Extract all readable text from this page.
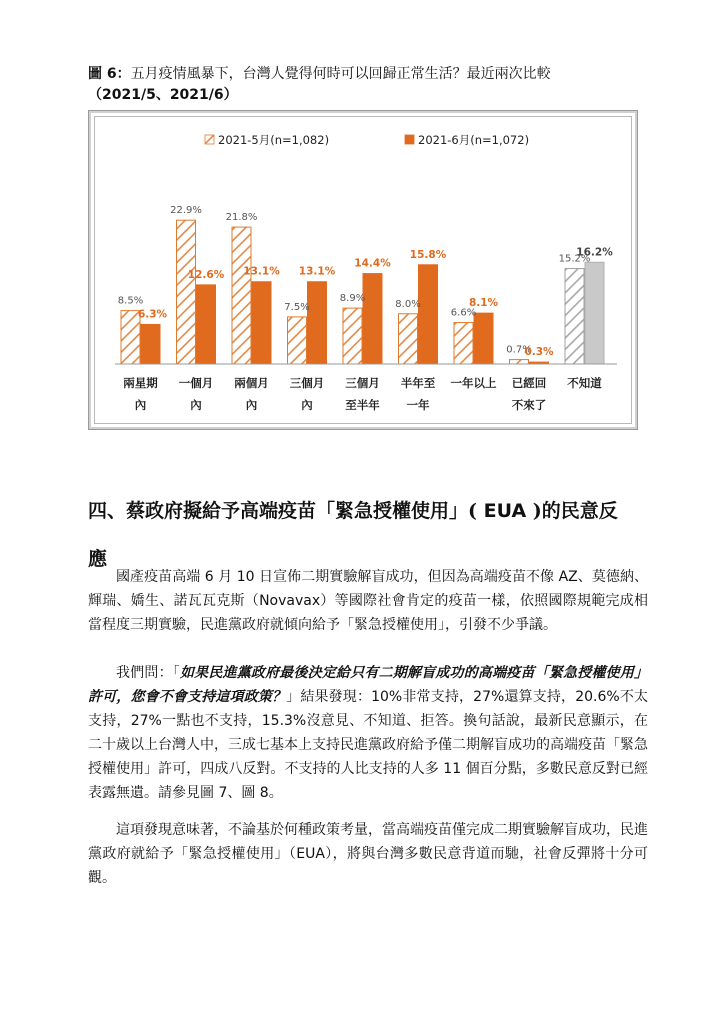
圖 6：五月疫情風暴下，台灣人覺得何時可以回歸正常生活？最近兩次比較
（2021/5、2021/6）
2021-5月(n=1,082)	2021-6月(n=1,072)
8.5%
6.3%
22.9%
12.6%
21.8%
13.1%
7.5%
13.1%
8.9%
14.4%
8.0%
15.8%
6.6%
8.1%
0.7%
0.3%
15.2%
16.2%
兩星期
內
一個月
內
兩個月
內
三個月
內
三個月
至半年
半年至
一年
一年以上 已經回
不來了
不知道
四、蔡政府擬給予高端疫苗「緊急授權使用」( EUA )的民意反
應

國產疫苗高端 6 月 10 日宣佈二期實驗解盲成功，但因為高端疫苗不像 AZ、莫德納、輝瑞、嬌生、諾瓦瓦克斯（Novavax）等國際社會肯定的疫苗一樣，依照國際規範完成相當程度三期實驗，民進黨政府就傾向給予「緊急授權使用」，引發不少爭議。

我們問：「如果民進黨政府最後決定給只有二期解盲成功的高端疫苗「緊急授權使用」許可，您會不會支持這項政策？」結果發現：10%非常支持，27%還算支持，20.6%不太支持，27%一點也不支持，15.3%沒意見、不知道、拒答。換句話說，最新民意顯示，在二十歲以上台灣人中，三成七基本上支持民進黨政府給予僅二期解盲成功的高端疫苗「緊急授權使用」許可，四成八反對。不支持的人比支持的人多 11 個百分點，多數民意反對已經表露無遺。請參見圖 7、圖 8。

這項發現意味著，不論基於何種政策考量，當高端疫苗僅完成二期實驗解盲成功，民進黨政府就給予「緊急授權使用」（EUA），將與台灣多數民意背道而馳，社會反彈將十分可觀。
